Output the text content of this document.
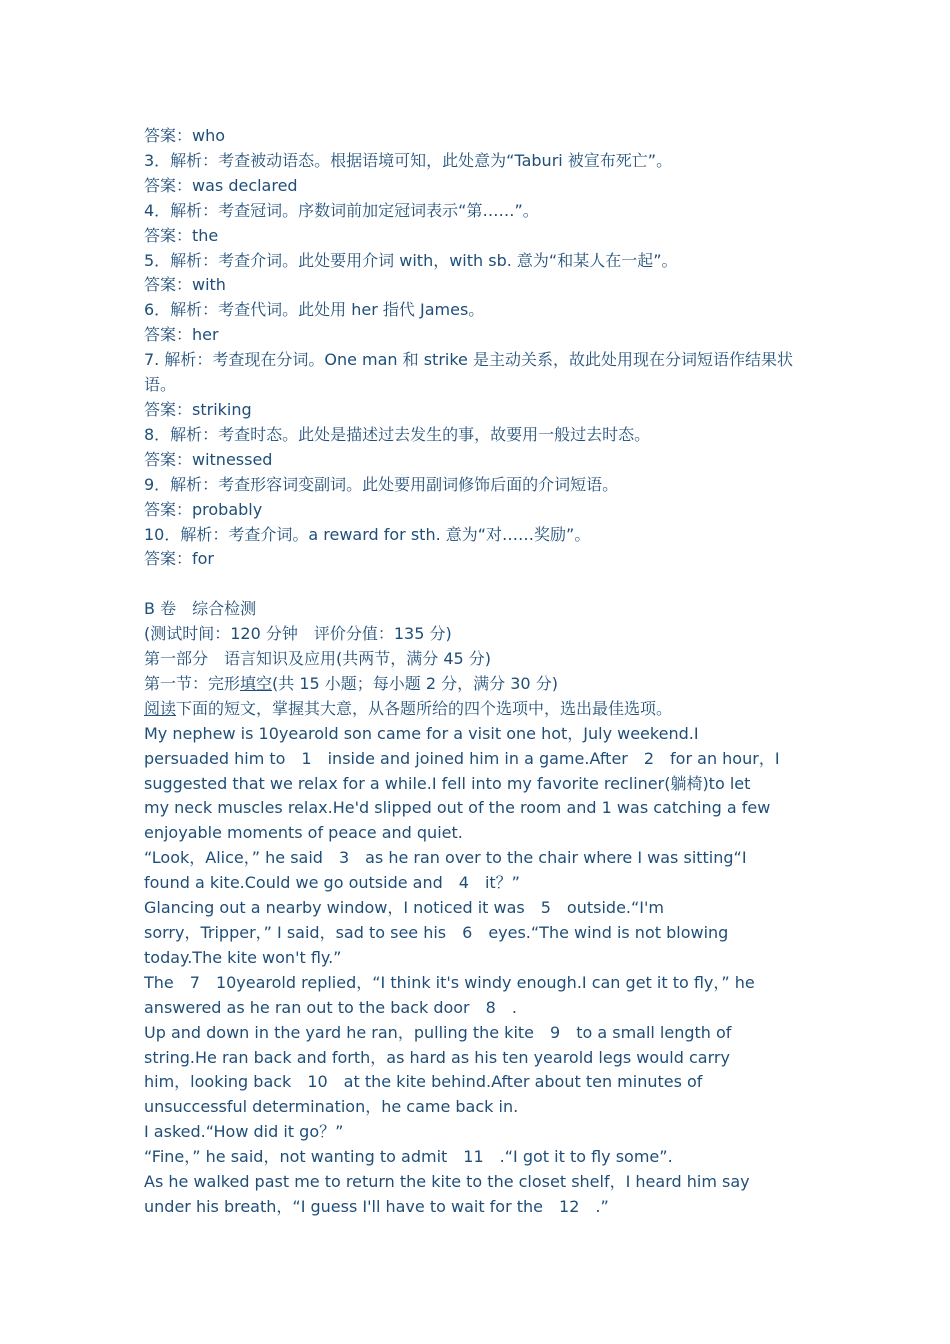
答案：who

3．解析：考查被动语态。根据语境可知，此处意为“Taburi 被宣布死亡”。

答案：was declared

4．解析：考查冠词。序数词前加定冠词表示“第……”。

答案：the

5．解析：考查介词。此处要用介词 with，with sb. 意为“和某人在一起”。

答案：with

6．解析：考查代词。此处用 her 指代 James。

答案：her

7. 解析：考查现在分词。One man 和 strike 是主动关系，故此处用现在分词短语作结果状语。

答案：striking

8．解析：考查时态。此处是描述过去发生的事，故要用一般过去时态。

答案：witnessed

9．解析：考查形容词变副词。此处要用副词修饰后面的介词短语。

答案：probably

10．解析：考查介词。a reward for sth. 意为“对……奖励”。

答案：for

B 卷　综合检测

(测试时间：120 分钟　评价分值：135 分)

第一部分　语言知识及应用(共两节，满分 45 分)

第一节：完形填空(共 15 小题；每小题 2 分，满分 30 分)

阅读下面的短文，掌握其大意，从各题所给的四个选项中，选出最佳选项。

My nephew is 10yearold son came for a visit one hot，July weekend.I

persuaded him to　1　inside and joined him in a game.After　2　for an hour，I

suggested that we relax for a while.I fell into my favorite recliner(躺椅)to let

my neck muscles relax.He'd slipped out of the room and 1 was catching a few

enjoyable moments of peace and quiet.

“Look，Alice，” he said　3　as he ran over to the chair where I was sitting“I

found a kite.Could we go outside and　4　it？”

Glancing out a nearby window，I noticed it was　5　outside.“I'm

sorry，Tripper，” I said，sad to see his　6　eyes.“The wind is not blowing

today.The kite won't fly.”

The　7　10yearold replied，“I think it's windy enough.I can get it to fly，” he

answered as he ran out to the back door　8　.

Up and down in the yard he ran，pulling the kite　9　to a small length of

string.He ran back and forth，as hard as his ten yearold legs would carry

him，looking back　10　at the kite behind.After about ten minutes of

unsuccessful determination，he came back in.

I asked.“How did it go？”

“Fine，” he said，not wanting to admit　11　.“I got it to fly some”.

As he walked past me to return the kite to the closet shelf，I heard him say

under his breath，“I guess I'll have to wait for the　12　.”
